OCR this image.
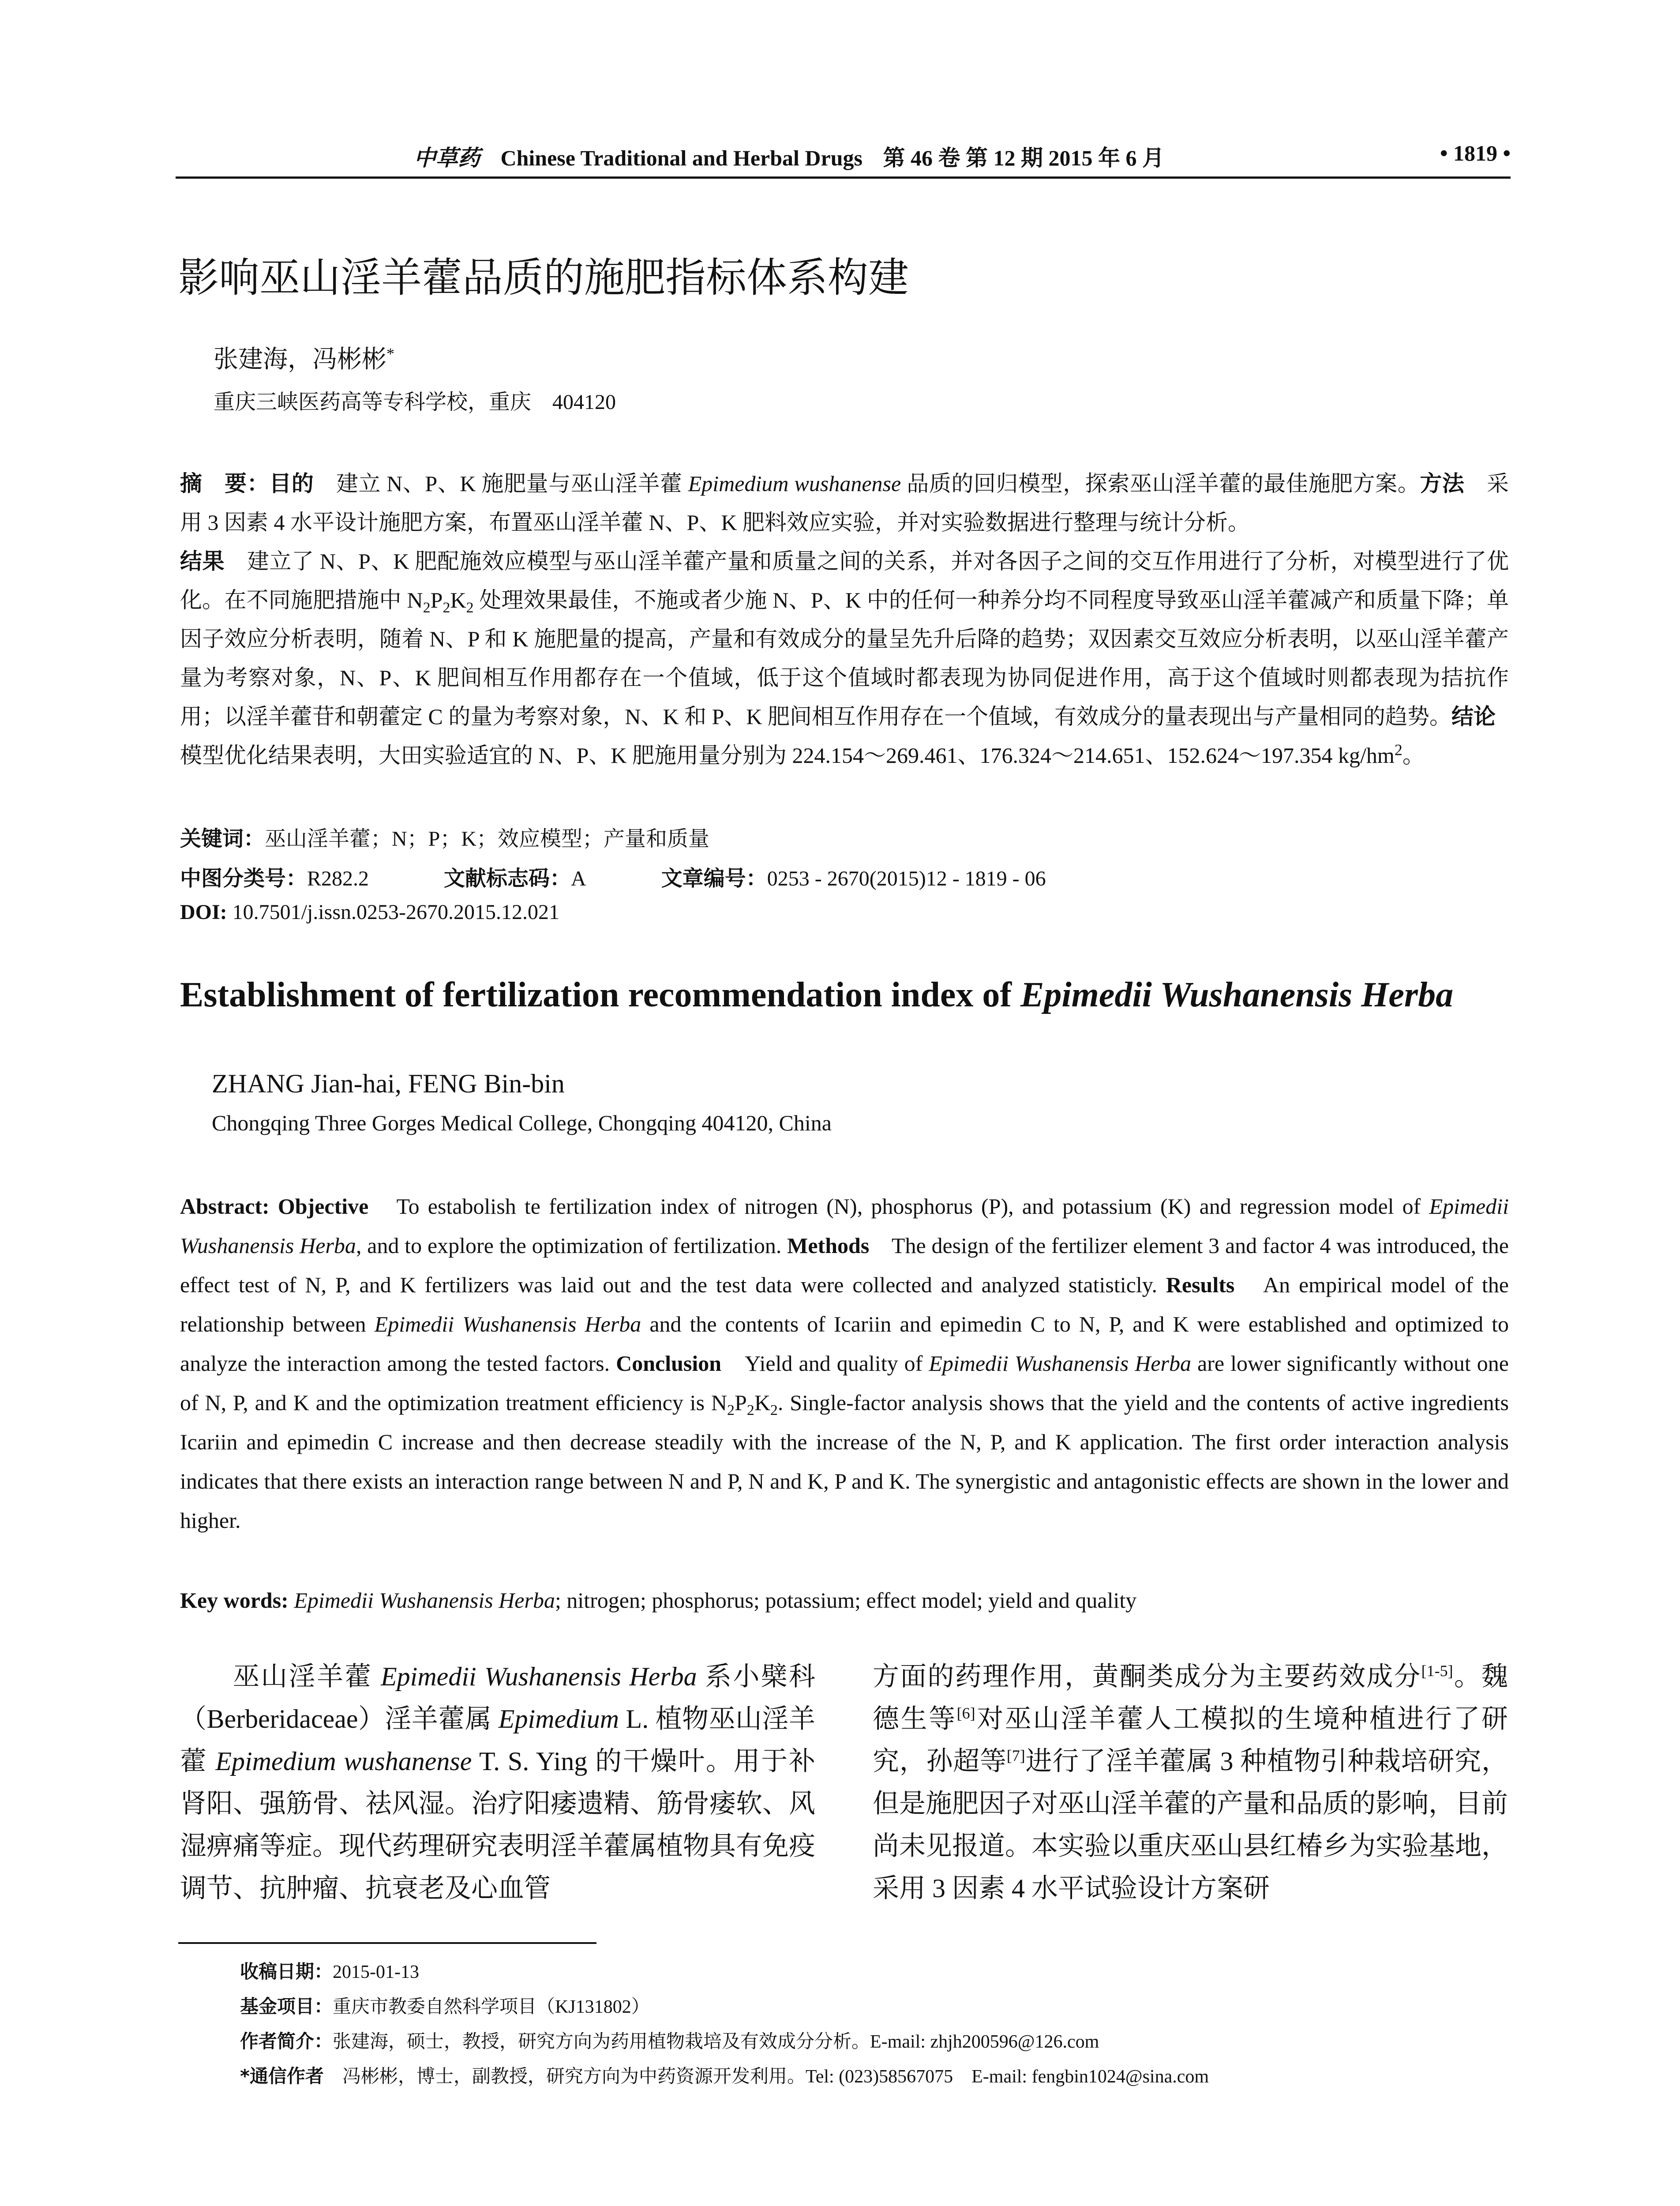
中草药 Chinese Traditional and Herbal Drugs 第 46 卷 第 12 期 2015 年 6 月	• 1819 •
影响巫山淫羊藿品质的施肥指标体系构建
张建海，冯彬彬*
重庆三峡医药高等专科学校，重庆　404120
摘　要：目的　建立 N、P、K 施肥量与巫山淫羊藿 Epimedium wushanense 品质的回归模型，探索巫山淫羊藿的最佳施肥方案。方法　采用 3 因素 4 水平设计施肥方案，布置巫山淫羊藿 N、P、K 肥料效应实验，并对实验数据进行整理与统计分析。
结果　建立了 N、P、K 肥配施效应模型与巫山淫羊藿产量和质量之间的关系，并对各因子之间的交互作用进行了分析，对模型进行了优化。在不同施肥措施中 $N_2P_2K_2$ 处理效果最佳，不施或者少施 N、P、K 中的任何一种养分均不同程度导致巫山淫羊藿减产和质量下降；单因子效应分析表明，随着 N、P 和 K 施肥量的提高，产量和有效成分的量呈先升后降的趋势；双因素交互效应分析表明，以巫山淫羊藿产量为考察对象，N、P、K 肥间相互作用都存在一个值域，低于这个值域时都表现为协同促进作用，高于这个值域时则都表现为拮抗作用；以淫羊藿苷和朝藿定 C 的量为考察对象，N、K 和 P、K 肥间相互作用存在一个值域，有效成分的量表现出与产量相同的趋势。结论　模型优化结果表明，大田实验适宜的 N、P、K 肥施用量分别为 224.154～269.461、176.324～214.651、152.624～197.354 $kg/hm^2$。
关键词：巫山淫羊藿；N；P；K；效应模型；产量和质量
中图分类号：R282.2	文献标志码：A	文章编号：0253 - 2670(2015)12 - 1819 - 06
DOI: 10.7501/j.issn.0253-2670.2015.12.021
Establishment of fertilization recommendation index of Epimedii Wushanensis Herba
ZHANG Jian-hai, FENG Bin-bin
Chongqing Three Gorges Medical College, Chongqing 404120, China
Abstract: Objective　To estabolish te fertilization index of nitrogen (N), phosphorus (P), and potassium (K) and regression model of Epimedii Wushanensis Herba, and to explore the optimization of fertilization. Methods　The design of the fertilizer element 3 and factor 4 was introduced, the effect test of N, P, and K fertilizers was laid out and the test data were collected and analyzed statisticly. Results　An empirical model of the relationship between Epimedii Wushanensis Herba and the contents of Icariin and epimedin C to N, P, and K were established and optimized to analyze the interaction among the tested factors. Conclusion　Yield and quality of Epimedii Wushanensis Herba are lower significantly without one of N, P, and K and the optimization treatment efficiency is $N_2P_2K_2$. Single-factor analysis shows that the yield and the contents of active ingredients Icariin and epimedin C increase and then decrease steadily with the increase of the N, P, and K application. The first order interaction analysis indicates that there exists an interaction range between N and P, N and K, P and K. The synergistic and antagonistic effects are shown in the lower and higher.
Key words: Epimedii Wushanensis Herba; nitrogen; phosphorus; potassium; effect model; yield and quality
巫山淫羊藿 Epimedii Wushanensis Herba 系小檗科（Berberidaceae）淫羊藿属 Epimedium L. 植物巫山淫羊藿 Epimedium wushanense T. S. Ying 的干燥叶。用于补肾阳、强筋骨、祛风湿。治疗阳痿遗精、筋骨痿软、风湿痹痛等症。现代药理研究表明淫羊藿属植物具有免疫调节、抗肿瘤、抗衰老及心血管
方面的药理作用，黄酮类成分为主要药效成分[1-5]。魏德生等[6]对巫山淫羊藿人工模拟的生境种植进行了研究，孙超等[7]进行了淫羊藿属 3 种植物引种栽培研究，但是施肥因子对巫山淫羊藿的产量和品质的影响，目前尚未见报道。本实验以重庆巫山县红椿乡为实验基地，采用 3 因素 4 水平试验设计方案研
收稿日期：2015-01-13
基金项目：重庆市教委自然科学项目（KJ131802）
作者简介：张建海，硕士，教授，研究方向为药用植物栽培及有效成分分析。E-mail: zhjh200596@126.com
*通信作者　冯彬彬，博士，副教授，研究方向为中药资源开发利用。Tel: (023)58567075　E-mail: fengbin1024@sina.com
